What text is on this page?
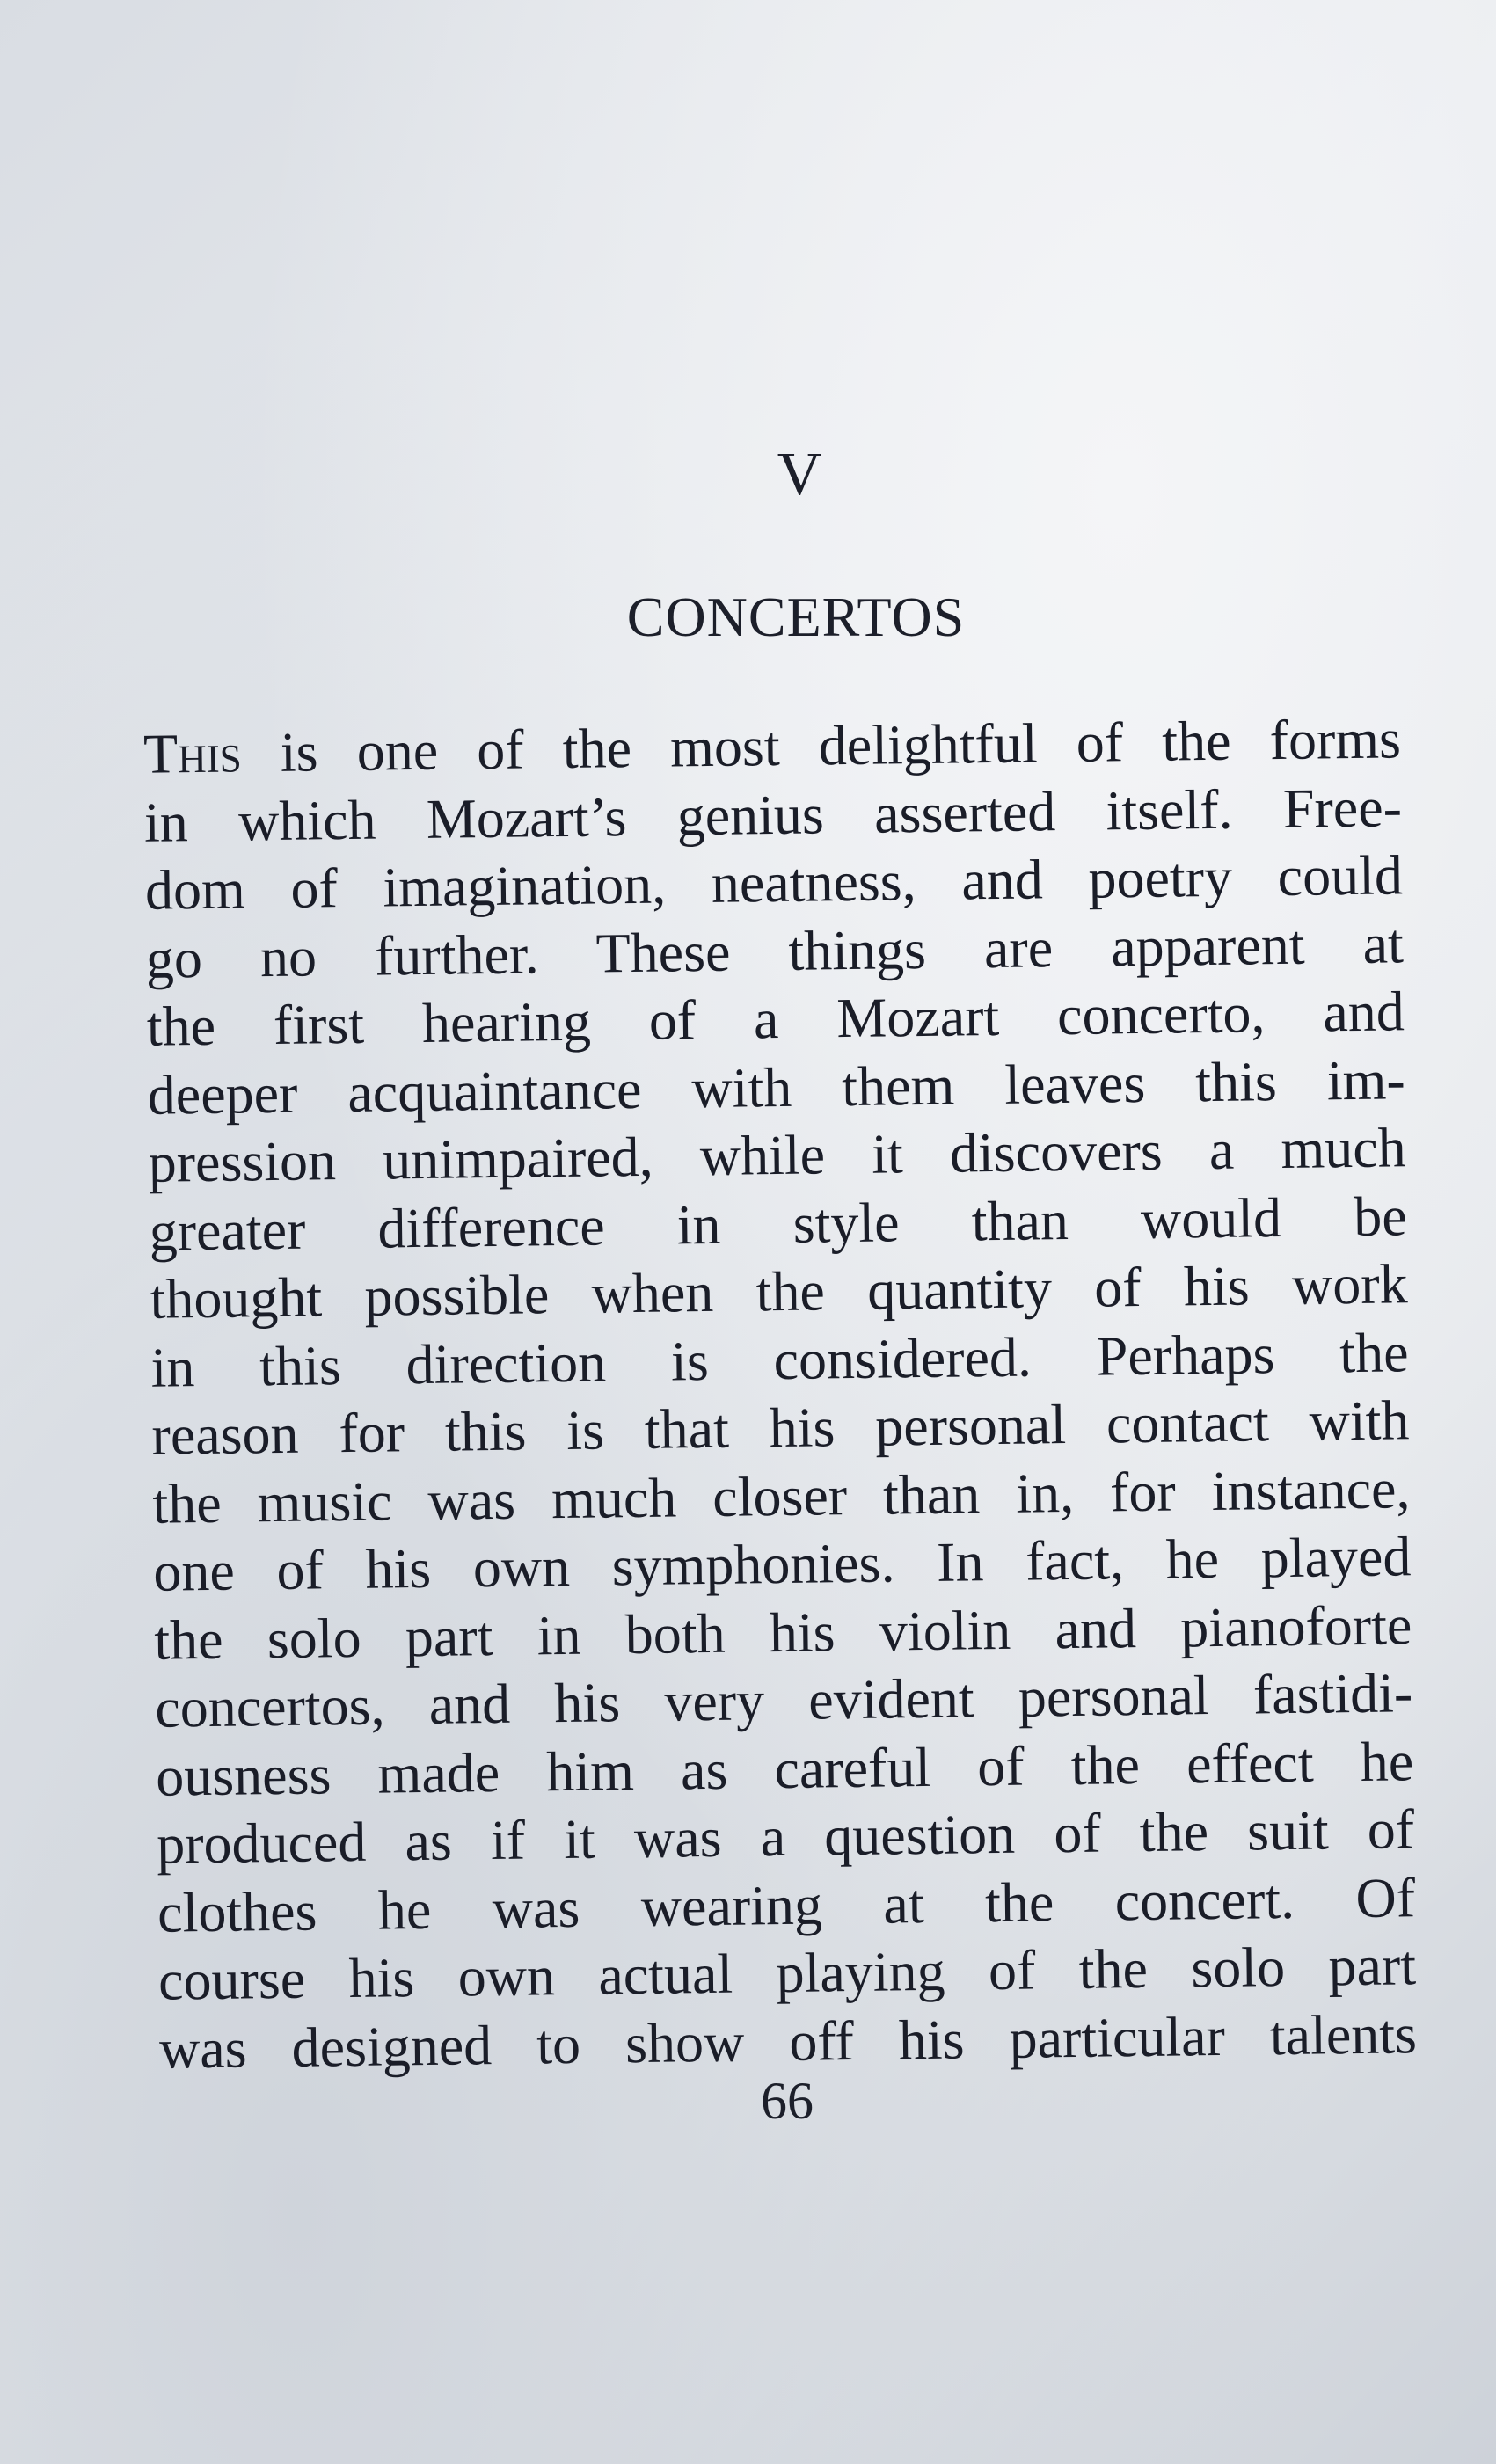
V
CONCERTOS
This is one of the most delightful of the forms
in which Mozart’s genius asserted itself. Free-
dom of imagination, neatness, and poetry could
go no further. These things are apparent at
the first hearing of a Mozart concerto, and
deeper acquaintance with them leaves this im-
pression unimpaired, while it discovers a much
greater difference in style than would be
thought possible when the quantity of his work
in this direction is considered. Perhaps the
reason for this is that his personal contact with
the music was much closer than in, for instance,
one of his own symphonies. In fact, he played
the solo part in both his violin and pianoforte
concertos, and his very evident personal fastidi-
ousness made him as careful of the effect he
produced as if it was a question of the suit of
clothes he was wearing at the concert. Of
course his own actual playing of the solo part
was designed to show off his particular talents
66
